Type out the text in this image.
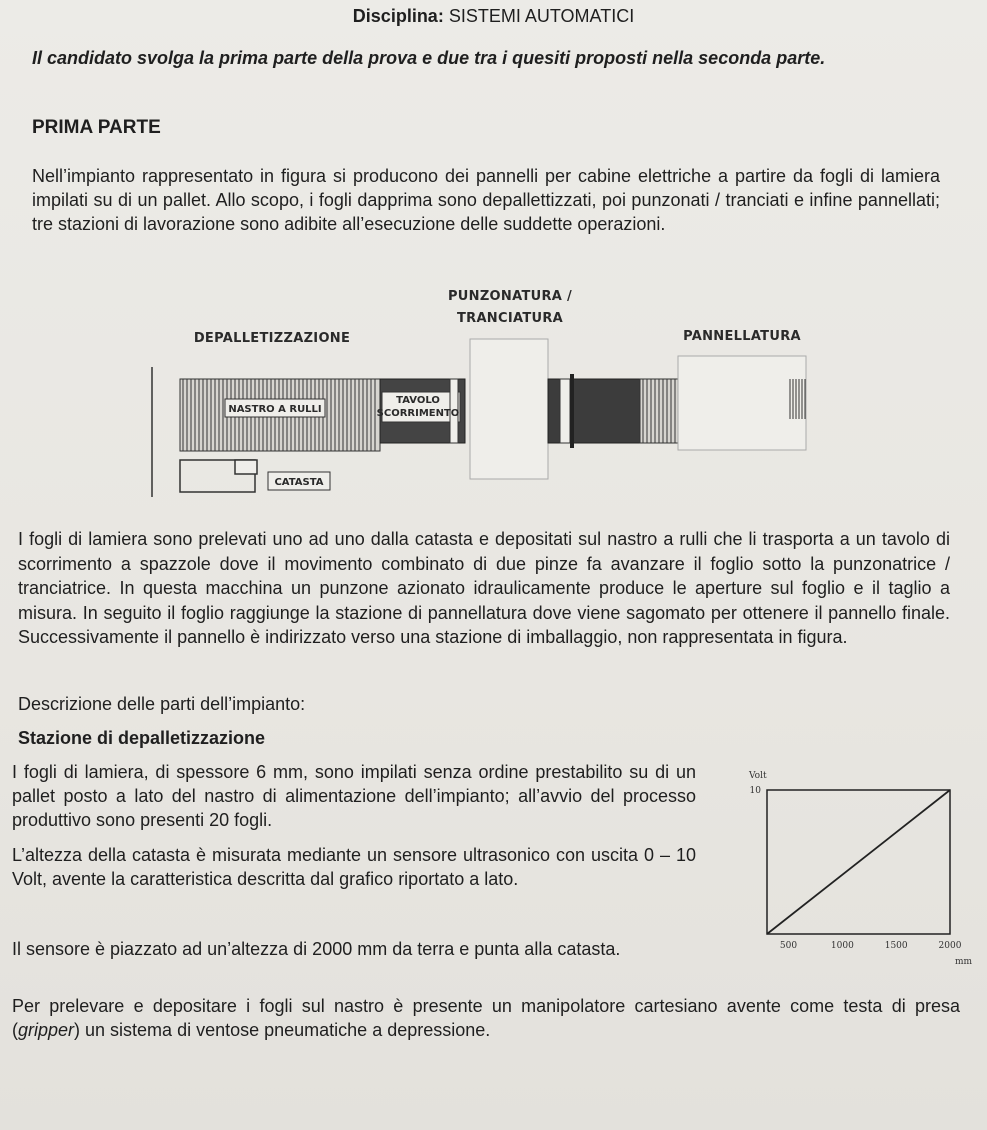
Disciplina: SISTEMI AUTOMATICI
Il candidato svolga la prima parte della prova e due tra i quesiti proposti nella seconda parte.
PRIMA PARTE
Nell’impianto rappresentato in figura si producono dei pannelli per cabine elettriche a partire da fogli di lamiera impilati su di un pallet. Allo scopo, i fogli dapprima sono depallettizzati, poi punzonati / tranciati e infine pannellati; tre stazioni di lavorazione sono adibite all’esecuzione delle suddette operazioni.
NASTRO A RULLI
TAVOLO
SCORRIMENTO
CATASTA
PUNZONATURA /
TRANCIATURA
DEPALLETIZZAZIONE	PANNELLATURA
I fogli di lamiera sono prelevati uno ad uno dalla catasta e depositati sul nastro a rulli che li trasporta a un tavolo di scorrimento a spazzole dove il movimento combinato di due pinze fa avanzare il foglio sotto la punzonatrice / tranciatrice. In questa macchina un punzone azionato idraulicamente produce le aperture sul foglio e il taglio a misura. In seguito il foglio raggiunge la stazione di pannellatura dove viene sagomato per ottenere il pannello finale. Successivamente il pannello è indirizzato verso una stazione di imballaggio, non rappresentata in figura.
Descrizione delle parti dell’impianto:
Stazione di depalletizzazione
I fogli di lamiera, di spessore 6 mm, sono impilati senza ordine prestabilito su di un pallet posto a lato del nastro di alimentazione dell’impianto; all’avvio del processo produttivo sono presenti 20 fogli.
L’altezza della catasta è misurata mediante un sensore ultrasonico con uscita 0 – 10 Volt, avente la caratteristica descritta dal grafico riportato a lato.
Il sensore è piazzato ad un’altezza di 2000 mm da terra e punta alla catasta.
Per prelevare e depositare i fogli sul nastro è presente un manipolatore cartesiano avente come testa di presa (gripper) un sistema di ventose pneumatiche a depressione.
Volt
mm
500	1000	1500	2000
10
